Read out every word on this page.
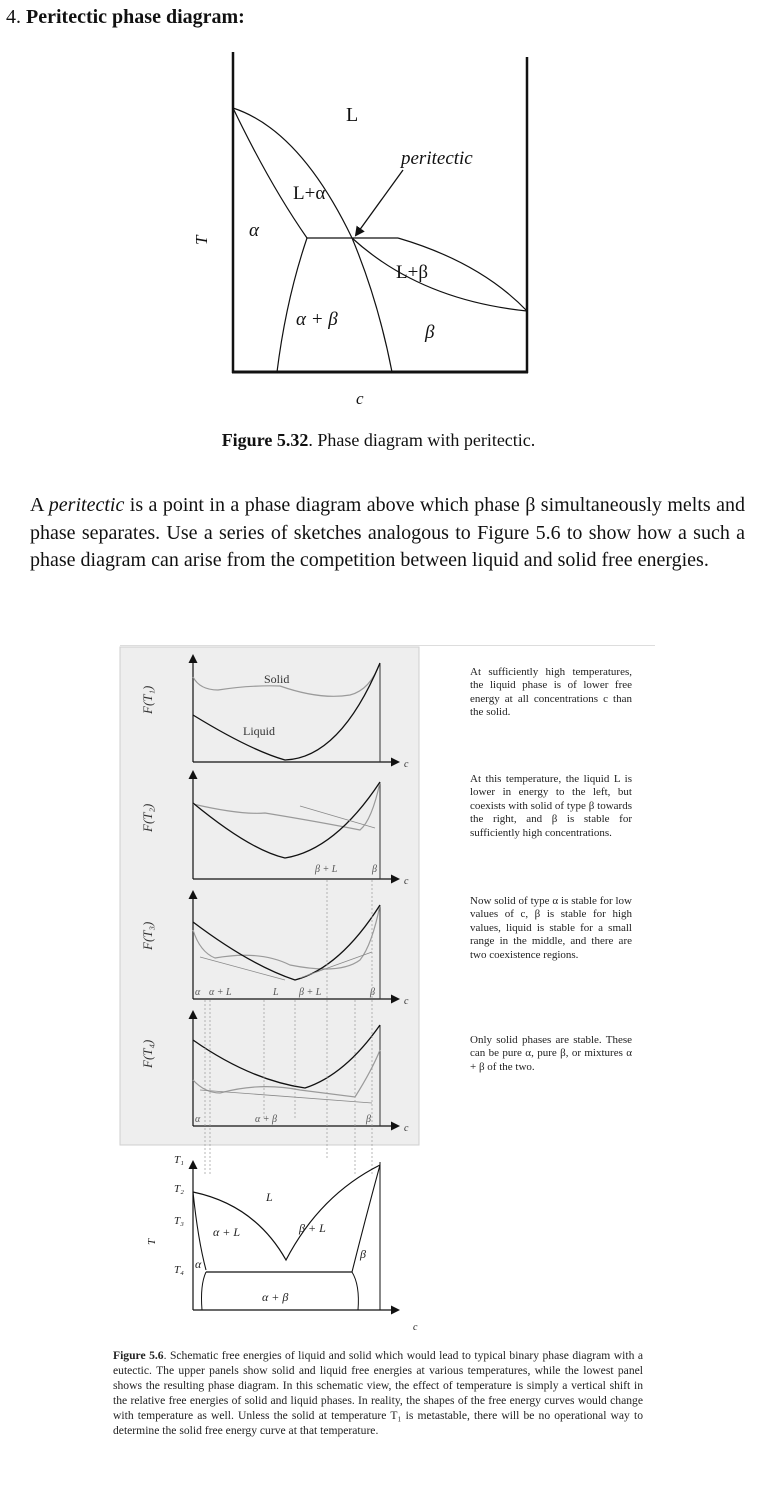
4. Peritectic phase diagram:
L
peritectic
L+α
α
T
L+β
α + β
β
c
Figure 5.32. Phase diagram with peritectic.
A peritectic is a point in a phase diagram above which phase β simultaneously melts and phase separates. Use a series of sketches analogous to Figure 5.6 to show how a such a phase diagram can arise from the competition between liquid and solid free energies.
Solid
Liquid
c
F(T₁)
β + L	β
c
F(T₂)
α α + L	L β + L	β
c
F(T₃)
α	α + β	β
c
F(T₄)
T₁
T₂
T₃
T₄
T
L
α + L	β + L
α
β
α + β
c
At sufficiently high temperatures, the liquid phase is of lower free energy at all concentrations c than the solid.
At this temperature, the liquid L is lower in energy to the left, but coexists with solid of type β towards the right, and β is stable for sufficiently high concentrations.
Now solid of type α is stable for low values of c, β is stable for high values, liquid is stable for a small range in the middle, and there are two coexistence regions.
Only solid phases are stable. These can be pure α, pure β, or mixtures α + β of the two.
Figure 5.6. Schematic free energies of liquid and solid which would lead to typical binary phase diagram with a eutectic. The upper panels show solid and liquid free energies at various temperatures, while the lowest panel shows the resulting phase diagram. In this schematic view, the effect of temperature is simply a vertical shift in the relative free energies of solid and liquid phases. In reality, the shapes of the free energy curves would change with temperature as well. Unless the solid at temperature T₁ is metastable, there will be no operational way to determine the solid free energy curve at that temperature.
